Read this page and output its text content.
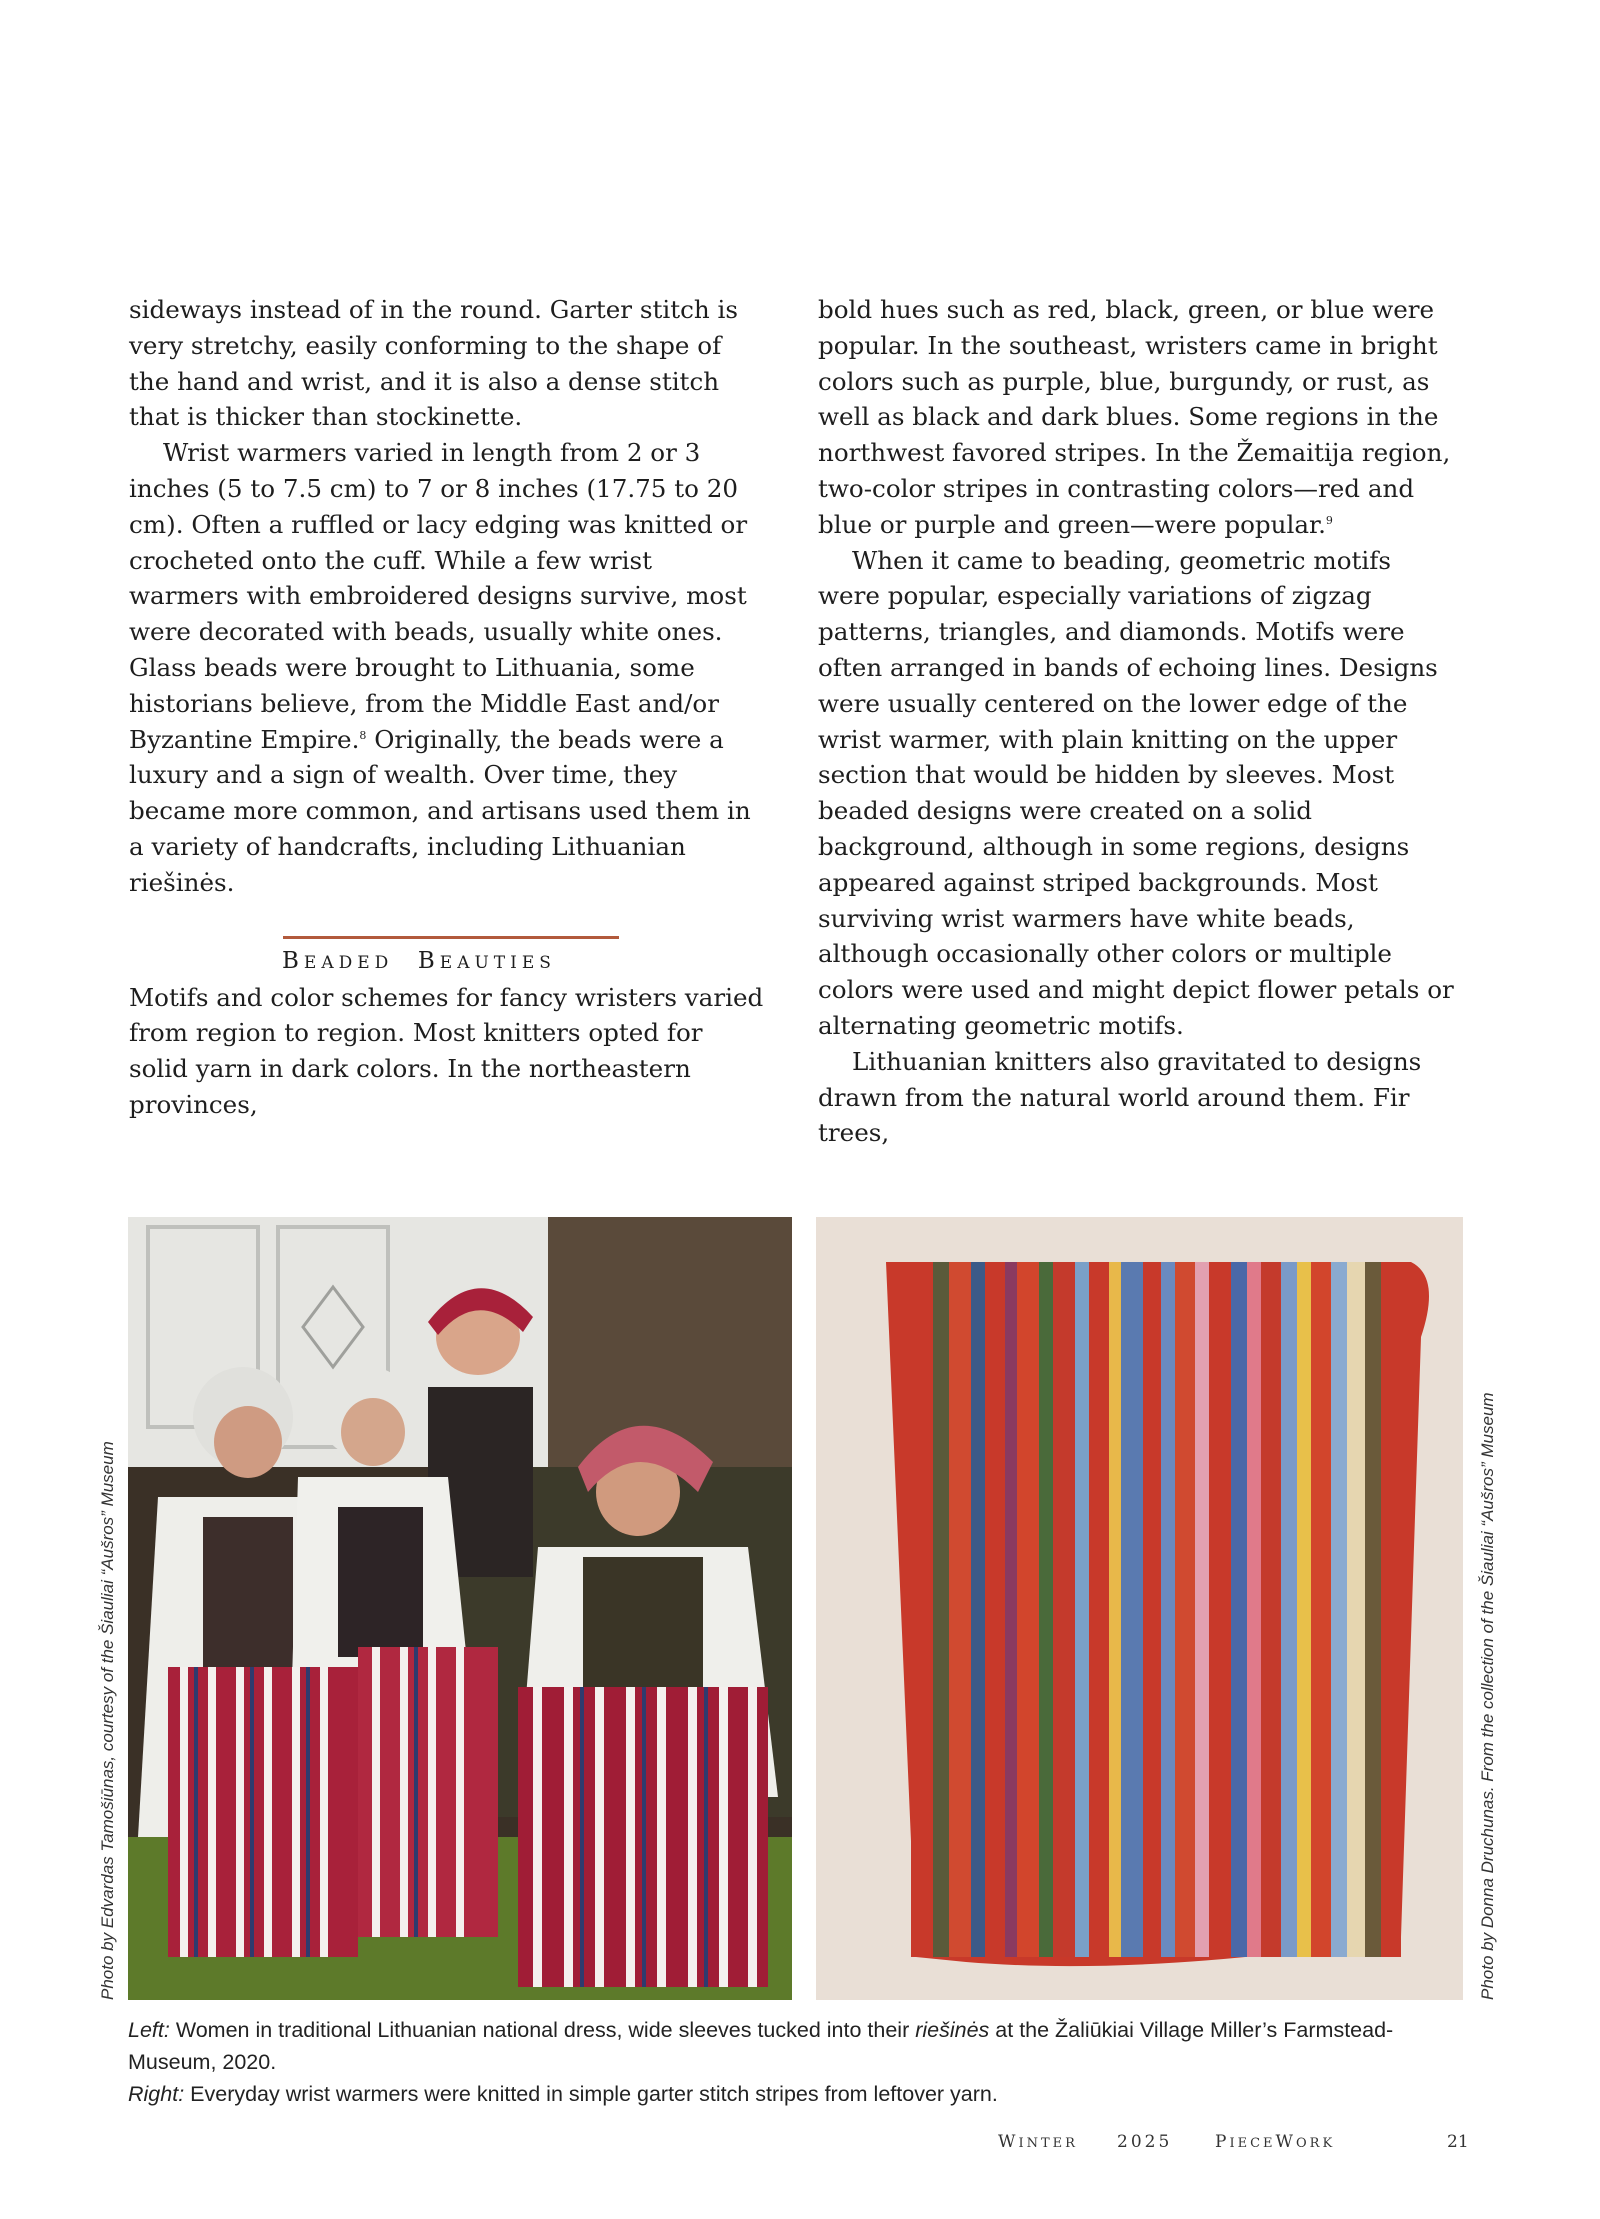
sideways instead of in the round. Garter stitch is very stretchy, easily conforming to the shape of the hand and wrist, and it is also a dense stitch that is thicker than stockinette.

Wrist warmers varied in length from 2 or 3 inches (5 to 7.5 cm) to 7 or 8 inches (17.75 to 20 cm). Often a ruffled or lacy edging was knitted or crocheted onto the cuff. While a few wrist warmers with embroidered designs survive, most were decorated with beads, usually white ones. Glass beads were brought to Lithuania, some historians believe, from the Middle East and/or Byzantine Empire.$^8$ Originally, the beads were a luxury and a sign of wealth. Over time, they became more common, and artisans used them in a variety of handcrafts, including Lithuanian riešinės.

BEADED BEAUTIES

Motifs and color schemes for fancy wristers varied from region to region. Most knitters opted for solid yarn in dark colors. In the northeastern provinces,

bold hues such as red, black, green, or blue were popular. In the southeast, wristers came in bright colors such as purple, blue, burgundy, or rust, as well as black and dark blues. Some regions in the northwest favored stripes. In the Žemaitija region, two-color stripes in contrasting colors—red and blue or purple and green—were popular.$^9$

When it came to beading, geometric motifs were popular, especially variations of zigzag patterns, triangles, and diamonds. Motifs were often arranged in bands of echoing lines. Designs were usually centered on the lower edge of the wrist warmer, with plain knitting on the upper section that would be hidden by sleeves. Most beaded designs were created on a solid background, although in some regions, designs appeared against striped backgrounds. Most surviving wrist warmers have white beads, although occasionally other colors or multiple colors were used and might depict flower petals or alternating geometric motifs.

Lithuanian knitters also gravitated to designs drawn from the natural world around them. Fir trees,

Photo by Edvardas Tamošiūnas, courtesy of the Šiauliai “Aušros” Museum	Photo by Donna Druchunas. From the collection of the Šiauliai “Aušros” Museum

Left: Women in traditional Lithuanian national dress, wide sleeves tucked into their riešinės at the Žaliūkiai Village Miller’s Farmstead-Museum, 2020.

Right: Everyday wrist warmers were knitted in simple garter stitch stripes from leftover yarn.

WINTER 2025	PIECEWORK	21
